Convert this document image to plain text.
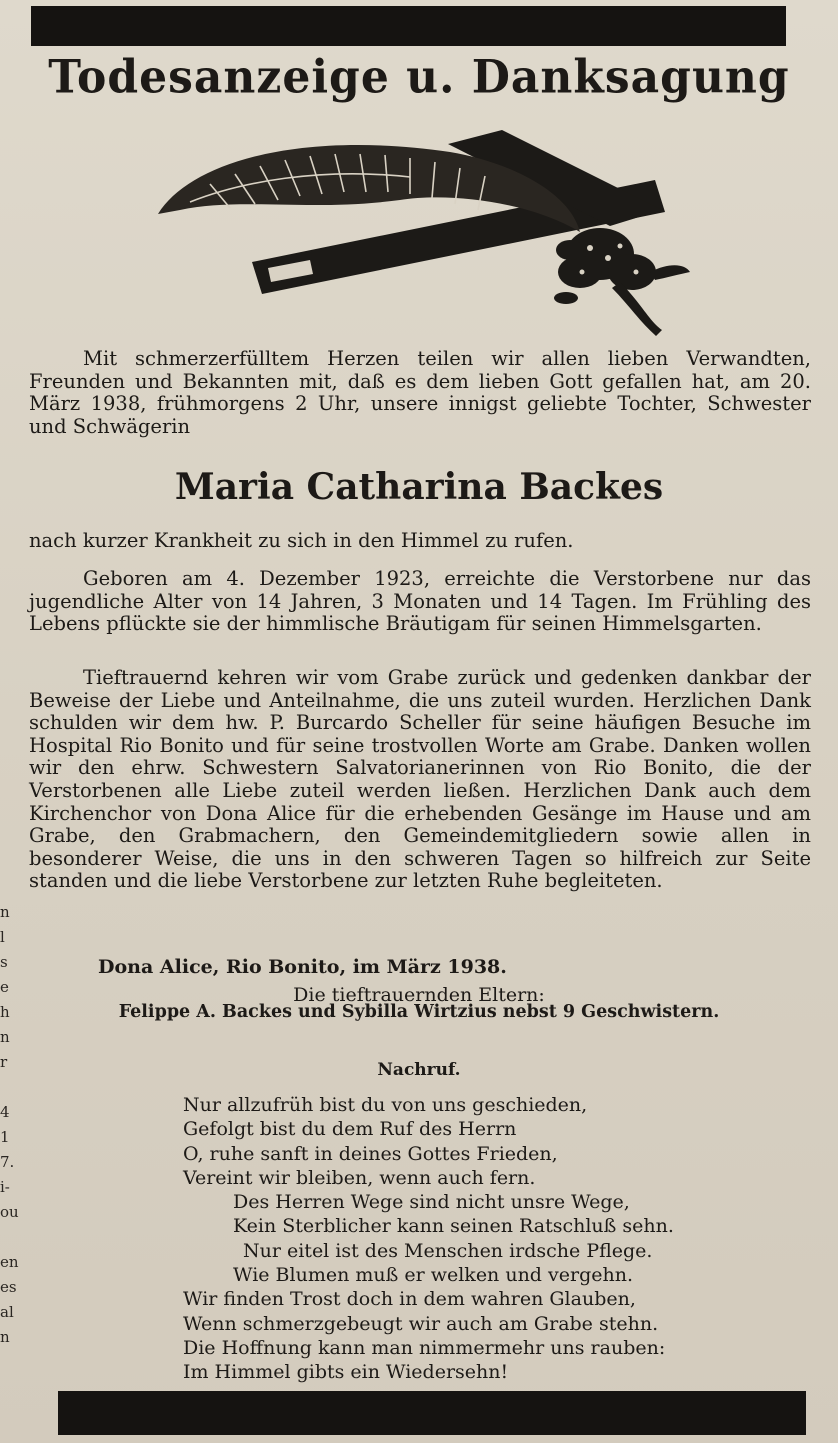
Todesanzeige u. Danksagung

Mit schmerzerfülltem Herzen teilen wir allen lieben Verwandten, Freunden und Bekannten mit, daß es dem lieben Gott gefallen hat, am 20. März 1938, frühmorgens 2 Uhr, unsere innigst geliebte Tochter, Schwester und Schwägerin

Maria Catharina Backes

nach kurzer Krankheit zu sich in den Himmel zu rufen.

Geboren am 4. Dezember 1923, erreichte die Verstorbene nur das jugendliche Alter von 14 Jahren, 3 Monaten und 14 Tagen. Im Frühling des Lebens pflückte sie der himmlische Bräutigam für seinen Himmelsgarten.

Tieftrauernd kehren wir vom Grabe zurück und gedenken dankbar der Beweise der Liebe und Anteilnahme, die uns zuteil wurden. Herzlichen Dank schulden wir dem hw. P. Burcardo Scheller für seine häufigen Besuche im Hospital Rio Bonito und für seine trostvollen Worte am Grabe. Danken wollen wir den ehrw. Schwestern Salvatorianerinnen von Rio Bonito, die der Verstorbenen alle Liebe zuteil werden ließen. Herzlichen Dank auch dem Kirchenchor von Dona Alice für die erhebenden Gesänge im Hause und am Grabe, den Grabmachern, den Gemeindemitgliedern sowie allen in besonderer Weise, die uns in den schweren Tagen so hilfreich zur Seite standen und die liebe Verstorbene zur letzten Ruhe begleiteten.

Dona Alice, Rio Bonito, im März 1938.

Die tieftrauernden Eltern:

Felippe A. Backes und Sybilla Wirtzius nebst 9 Geschwistern.

Nachruf.

Nur allzufrüh bist du von uns geschieden,
Gefolgt bist du dem Ruf des Herrn
O, ruhe sanft in deines Gottes Frieden,
Vereint wir bleiben, wenn auch fern.
Des Herren Wege sind nicht unsre Wege,
Kein Sterblicher kann seinen Ratschluß sehn.
Nur eitel ist des Menschen irdsche Pflege.
Wie Blumen muß er welken und vergehn.
Wir finden Trost doch in dem wahren Glauben,
Wenn schmerzgebeugt wir auch am Grabe stehn.
Die Hoffnung kann man nimmermehr uns rauben:
Im Himmel gibts ein Wiedersehn!
n
l
s
e
h
n
r

4
1
7.
i-
ou

en
es
al
n
